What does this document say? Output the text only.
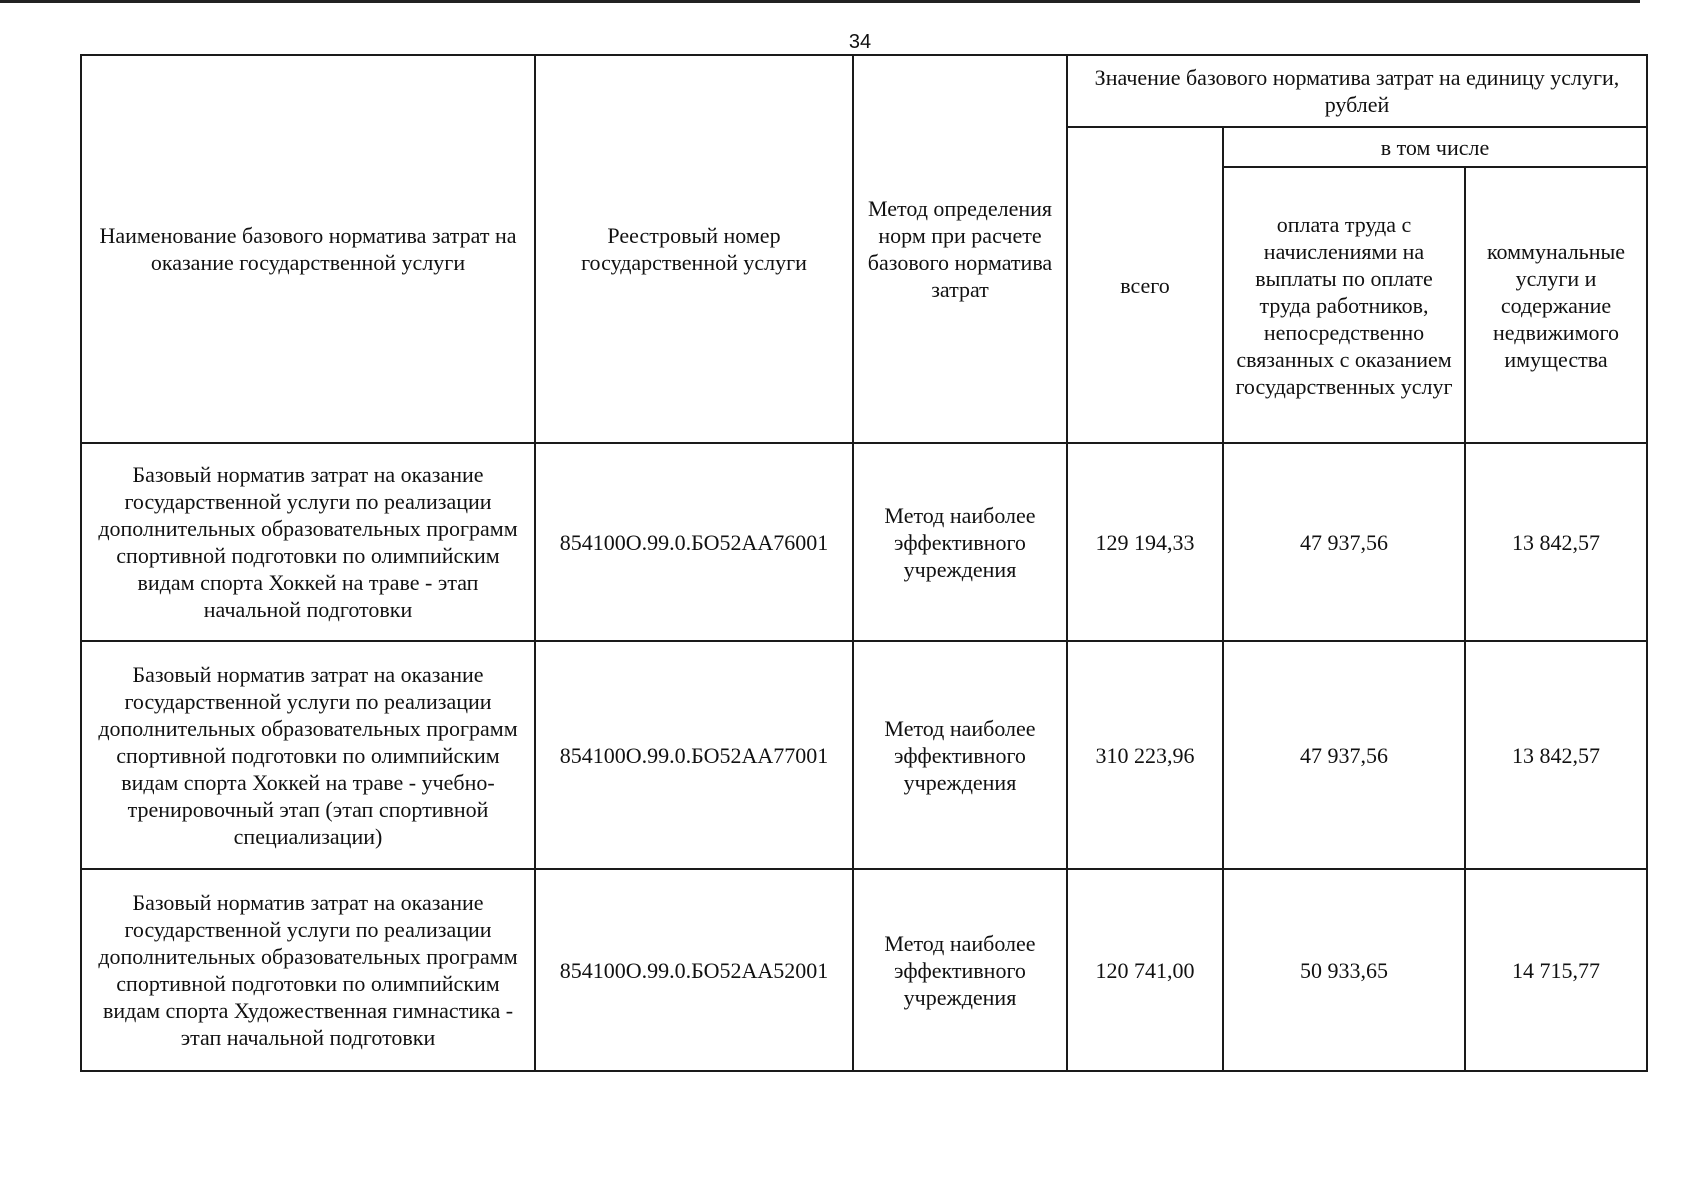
34
Наименование базового норматива затрат на оказание государственной услуги	Реестровый номер государственной услуги	Метод определения норм при расчете базового норматива затрат	Значение базового норматива затрат на единицу услуги, рублей		
			всего	в том числе	
				оплата труда с начислениями на выплаты по оплате труда работников, непосредственно связанных с оказанием государственных услуг	коммунальные услуги и содержание недвижимого имущества
Базовый норматив затрат на оказание государственной услуги по реализации дополнительных образовательных программ спортивной подготовки по олимпийским видам спорта Хоккей на траве - этап начальной подготовки	854100О.99.0.БО52АА76001	Метод наиболее эффективного учреждения	129 194,33	47 937,56	13 842,57
Базовый норматив затрат на оказание государственной услуги по реализации дополнительных образовательных программ спортивной подготовки по олимпийским видам спорта Хоккей на траве - учебно-тренировочный этап (этап спортивной специализации)	854100О.99.0.БО52АА77001	Метод наиболее эффективного учреждения	310 223,96	47 937,56	13 842,57
Базовый норматив затрат на оказание государственной услуги по реализации дополнительных образовательных программ спортивной подготовки по олимпийским видам спорта Художественная гимнастика - этап начальной подготовки	854100О.99.0.БО52АА52001	Метод наиболее эффективного учреждения	120 741,00	50 933,65	14 715,77
